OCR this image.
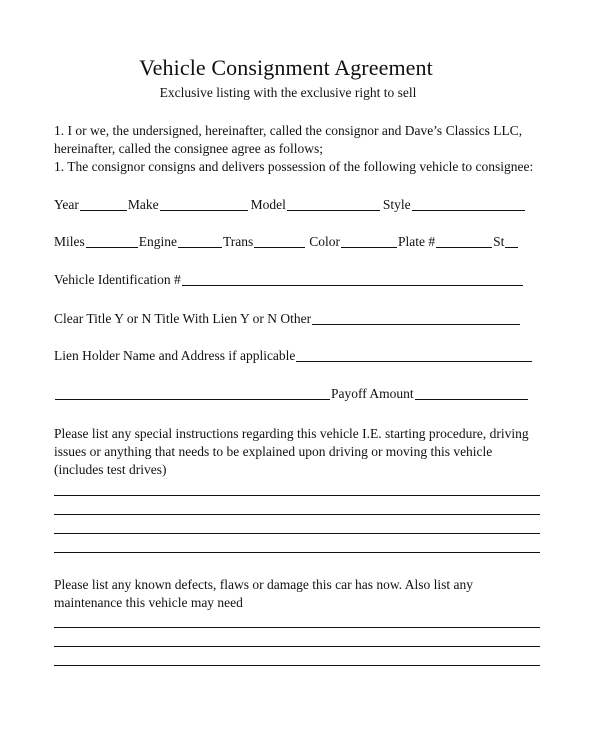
Vehicle Consignment Agreement
Exclusive listing with the exclusive right to sell
1. I or we, the undersigned, hereinafter, called the consignor and Dave’s Classics LLC,
hereinafter, called the consignee agree as follows;
1. The consignor consigns and delivers possession of the following vehicle to consignee:
Year	Make	Model	Style
Miles	Engine	Trans	Color	Plate #	St
Vehicle Identification #
Clear Title Y or N Title With Lien Y or N Other
Lien Holder Name and Address if applicable
Payoff Amount
Please list any special instructions regarding this vehicle I.E. starting procedure, driving
issues or anything that needs to be explained upon driving or moving this vehicle
(includes test drives)
Please list any known defects, flaws or damage this car has now. Also list any
maintenance this vehicle may need
